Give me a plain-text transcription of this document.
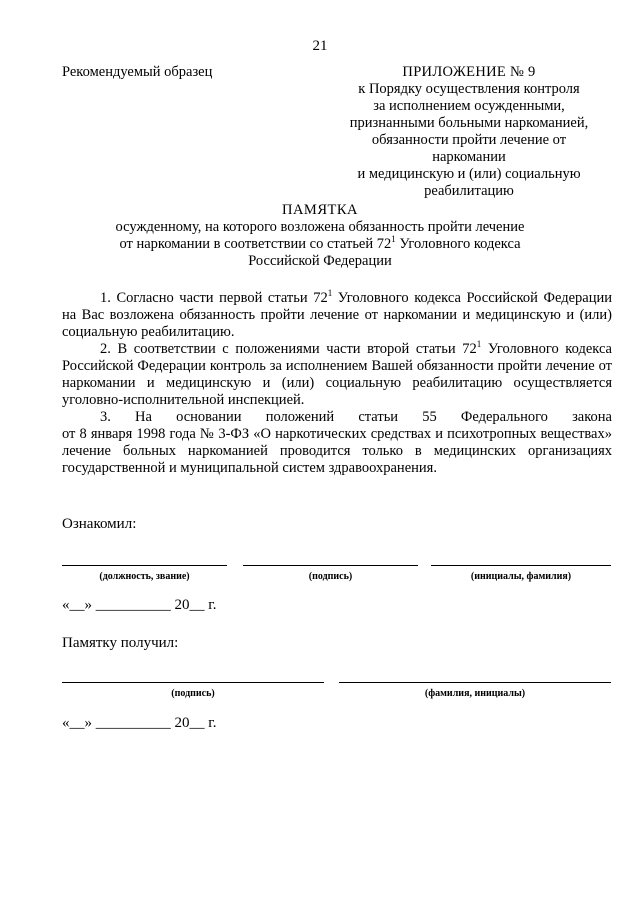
21
Рекомендуемый образец	ПРИЛОЖЕНИЕ № 9
к Порядку осуществления контроля
за исполнением осужденными,
признанными больными наркоманией,
обязанности пройти лечение от наркомании
и медицинскую и (или) социальную
реабилитацию
ПАМЯТКА
осужденному, на которого возложена обязанность пройти лечение
от наркомании в соответствии со статьей $72^1$ Уголовного кодекса
Российской Федерации

1. Согласно части первой статьи $72^1$ Уголовного кодекса Российской Федерации на Вас возложена обязанность пройти лечение от наркомании и медицинскую и (или) социальную реабилитацию.

2. В соответствии с положениями части второй статьи $72^1$ Уголовного кодекса Российской Федерации контроль за исполнением Вашей обязанности пройти лечение от наркомании и медицинскую и (или) социальную реабилитацию осуществляется уголовно-исполнительной инспекцией.

3. На основании положений статьи 55 Федерального закона

от 8 января 1998 года № 3-ФЗ «О наркотических средствах и психотропных веществах» лечение больных наркоманией проводится только в медицинских организациях государственной и муниципальной систем здравоохранения.

Ознакомил:
(должность, звание)	(подпись)	(инициалы, фамилия)
«__» __________ 20__ г.
Памятку получил:
(подпись)	(фамилия, инициалы)
«__» __________ 20__ г.
